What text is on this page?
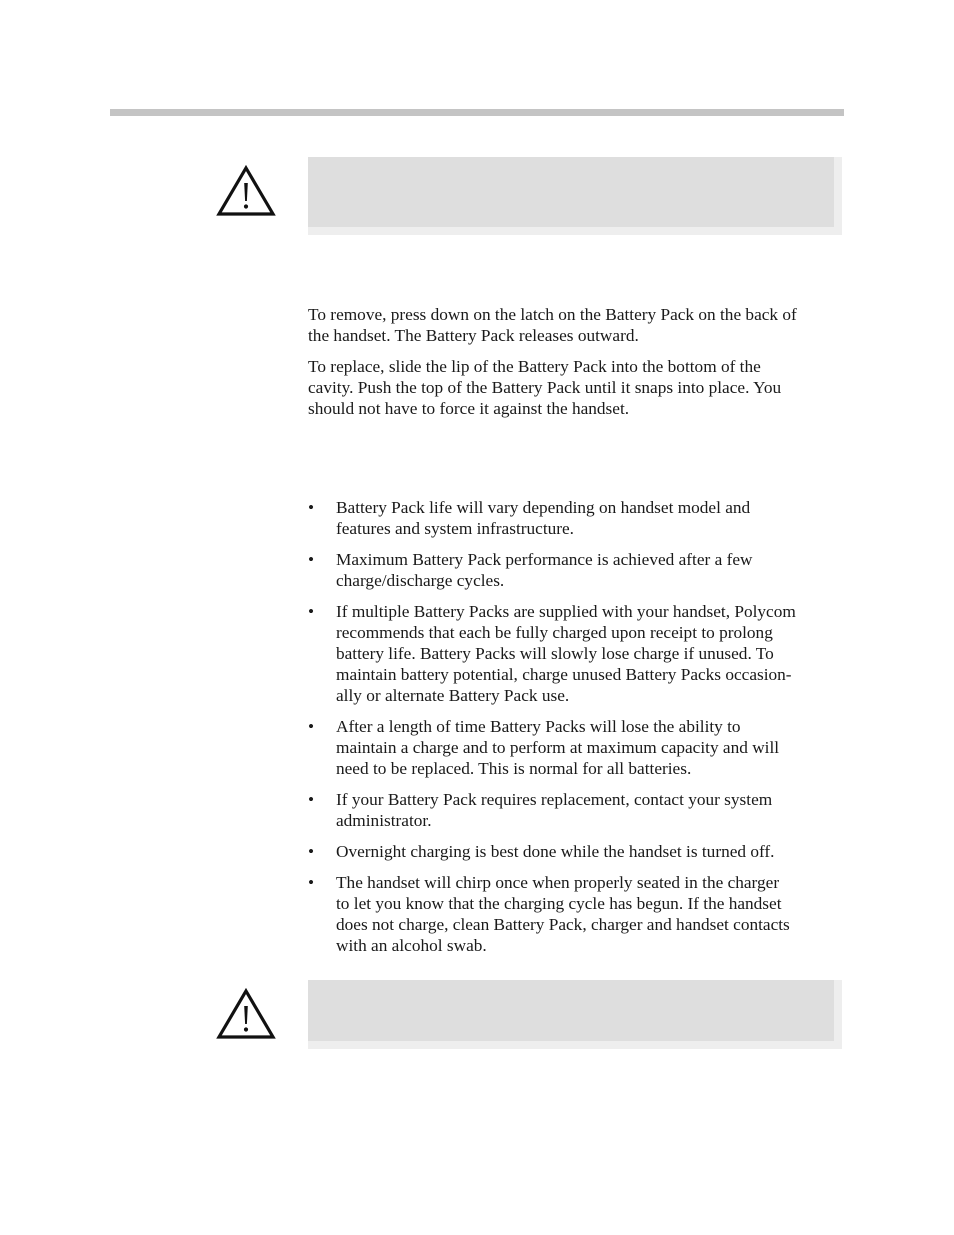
To remove, press down on the latch on the Battery Pack on the back of
the handset. The Battery Pack releases outward.

To replace, slide the lip of the Battery Pack into the bottom of the
cavity. Push the top of the Battery Pack until it snaps into place. You
should not have to force it against the handset.

• Battery Pack life will vary depending on handset model and
features and system infrastructure.
• Maximum Battery Pack performance is achieved after a few
charge/discharge cycles.
• If multiple Battery Packs are supplied with your handset, Polycom
recommends that each be fully charged upon receipt to prolong
battery life. Battery Packs will slowly lose charge if unused. To
maintain battery potential, charge unused Battery Packs occasion-
ally or alternate Battery Pack use.
• After a length of time Battery Packs will lose the ability to
maintain a charge and to perform at maximum capacity and will
need to be replaced. This is normal for all batteries.
• If your Battery Pack requires replacement, contact your system
administrator.
• Overnight charging is best done while the handset is turned off.
• The handset will chirp once when properly seated in the charger
to let you know that the charging cycle has begun. If the handset
does not charge, clean Battery Pack, charger and handset contacts
with an alcohol swab.
